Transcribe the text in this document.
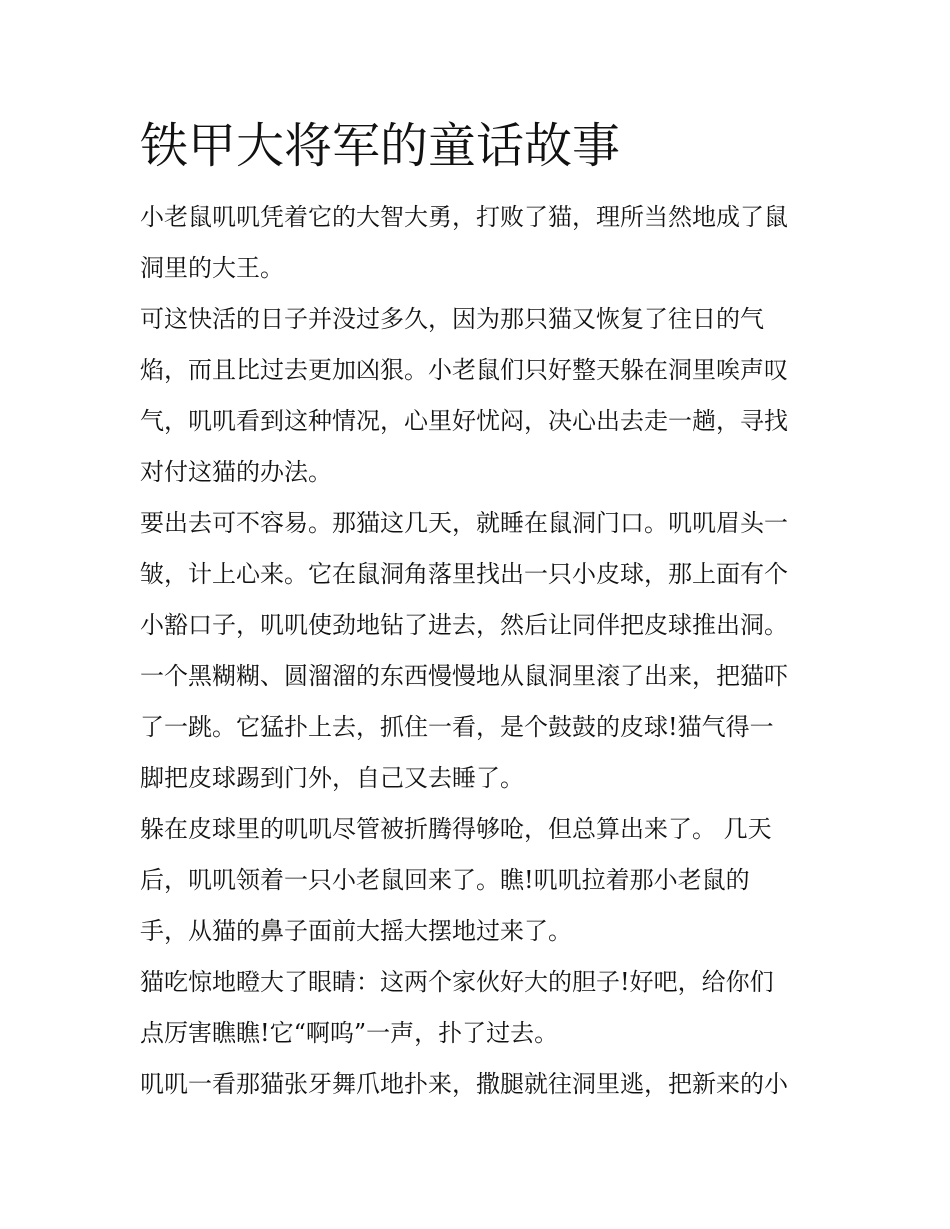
铁甲大将军的童话故事
小老鼠叽叽凭着它的大智大勇，打败了猫，理所当然地成了鼠
洞里的大王。
可这快活的日子并没过多久，因为那只猫又恢复了往日的气
焰，而且比过去更加凶狠。小老鼠们只好整天躲在洞里唉声叹
气，叽叽看到这种情况，心里好忧闷，决心出去走一趟，寻找
对付这猫的办法。
要出去可不容易。那猫这几天，就睡在鼠洞门口。叽叽眉头一
皱，计上心来。它在鼠洞角落里找出一只小皮球，那上面有个
小豁口子，叽叽使劲地钻了进去，然后让同伴把皮球推出洞。
一个黑糊糊、圆溜溜的东西慢慢地从鼠洞里滚了出来，把猫吓
了一跳。它猛扑上去，抓住一看，是个鼓鼓的皮球!猫气得一
脚把皮球踢到门外，自己又去睡了。
躲在皮球里的叽叽尽管被折腾得够呛，但总算出来了。 几天
后，叽叽领着一只小老鼠回来了。瞧!叽叽拉着那小老鼠的
手，从猫的鼻子面前大摇大摆地过来了。
猫吃惊地瞪大了眼睛：这两个家伙好大的胆子!好吧，给你们
点厉害瞧瞧!它“啊呜”一声，扑了过去。
叽叽一看那猫张牙舞爪地扑来，撒腿就往洞里逃，把新来的小
